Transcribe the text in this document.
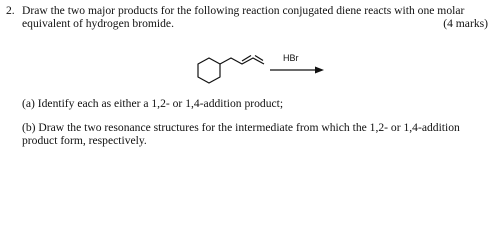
2. Draw the two major products for the following reaction conjugated diene reacts with one molar
equivalent of hydrogen bromide.	(4 marks)
HBr
(a) Identify each as either a 1,2- or 1,4-addition product;
(b) Draw the two resonance structures for the intermediate from which the 1,2- or 1,4-addition
product form, respectively.
